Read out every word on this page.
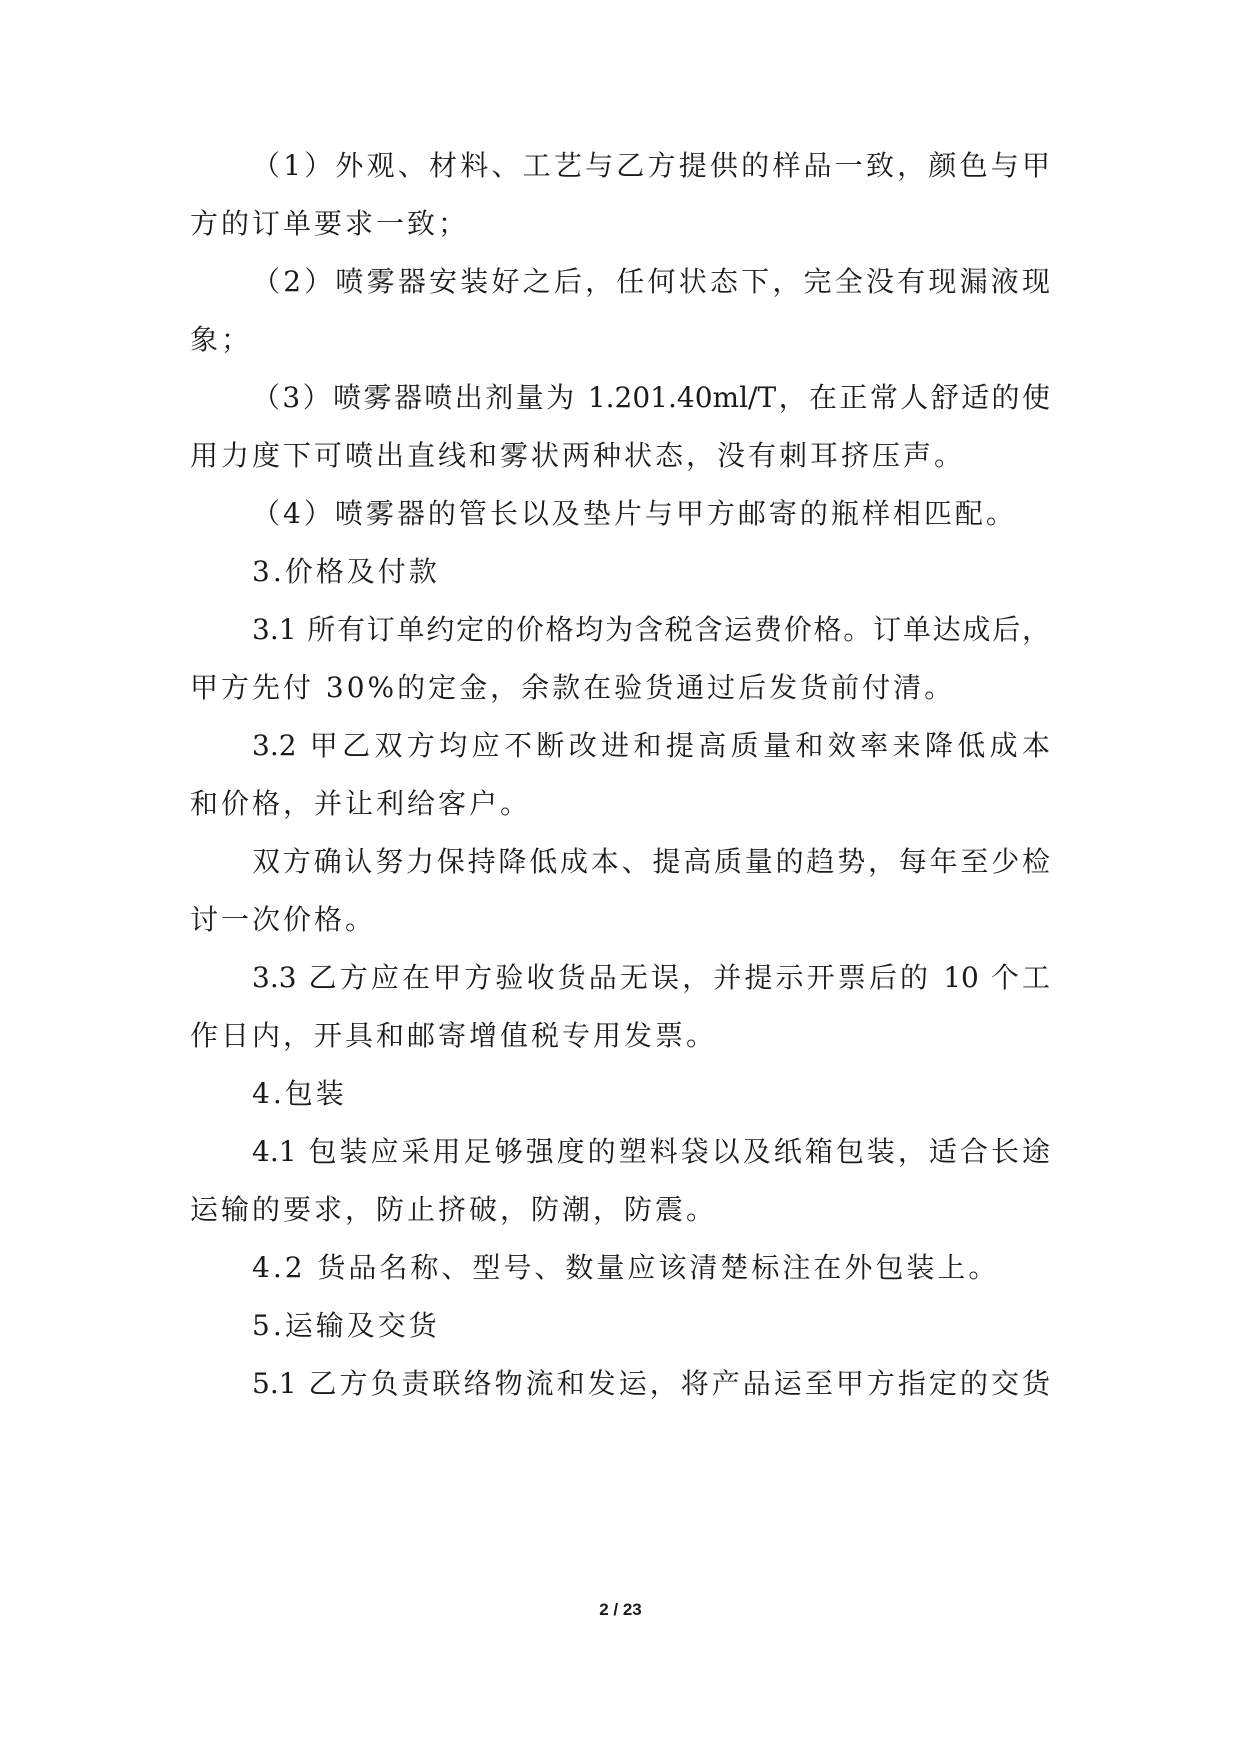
（1）外观、材料、工艺与乙方提供的样品一致，颜色与甲
方的订单要求一致；
（2）喷雾器安装好之后，任何状态下，完全没有现漏液现
象；
（3）喷雾器喷出剂量为 1.201.40ml/T，在正常人舒适的使
用力度下可喷出直线和雾状两种状态，没有刺耳挤压声。
（4）喷雾器的管长以及垫片与甲方邮寄的瓶样相匹配。
3.价格及付款
3.1 所有订单约定的价格均为含税含运费价格。订单达成后，
甲方先付 30%的定金，余款在验货通过后发货前付清。
3.2 甲乙双方均应不断改进和提高质量和效率来降低成本
和价格，并让利给客户。
双方确认努力保持降低成本、提高质量的趋势，每年至少检
讨一次价格。
3.3 乙方应在甲方验收货品无误，并提示开票后的 10 个工
作日内，开具和邮寄增值税专用发票。
4.包装
4.1 包装应采用足够强度的塑料袋以及纸箱包装，适合长途
运输的要求，防止挤破，防潮，防震。
4.2 货品名称、型号、数量应该清楚标注在外包装上。
5.运输及交货
5.1 乙方负责联络物流和发运，将产品运至甲方指定的交货
2 / 23
